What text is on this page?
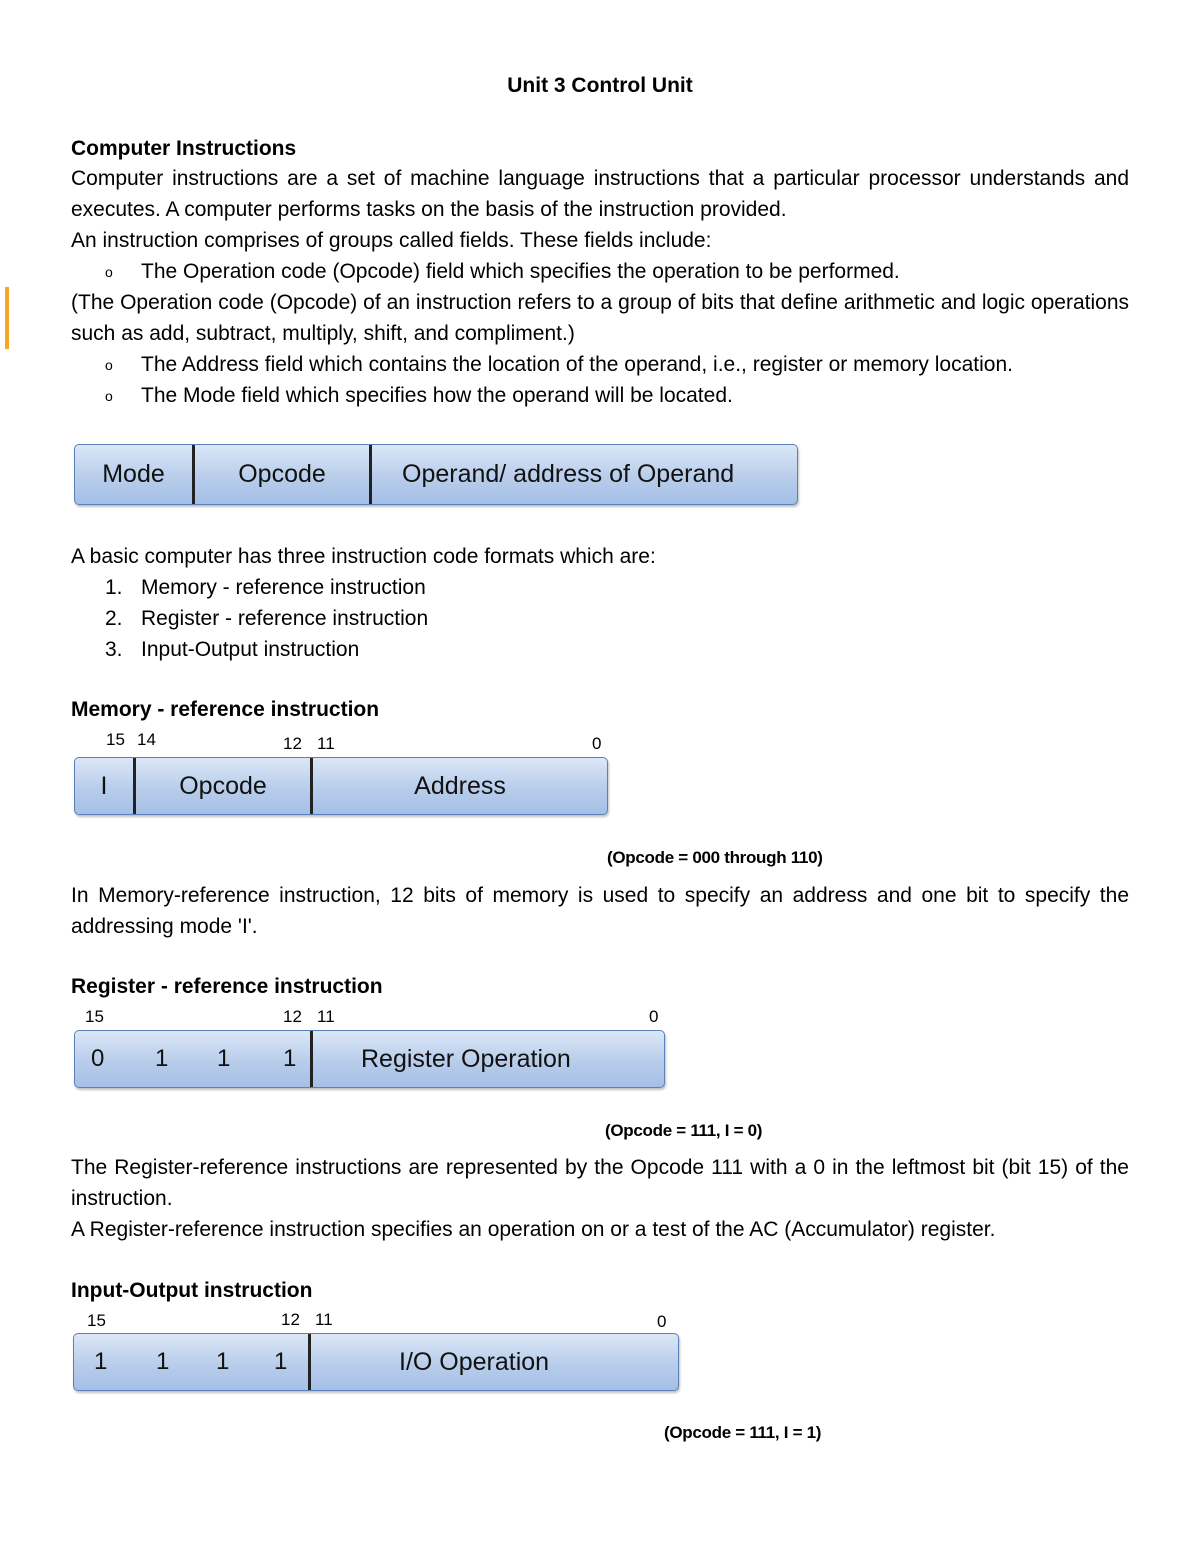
Unit 3 Control Unit
Computer Instructions
Computer instructions are a set of machine language instructions that a particular processor understands and executes. A computer performs tasks on the basis of the instruction provided.
An instruction comprises of groups called fields. These fields include:
o The Operation code (Opcode) field which specifies the operation to be performed.
(The Operation code (Opcode) of an instruction refers to a group of bits that define arithmetic and logic operations such as add, subtract, multiply, shift, and compliment.)
o The Address field which contains the location of the operand, i.e., register or memory location.
o The Mode field which specifies how the operand will be located.
Mode	Opcode	Operand/ address of Operand
A basic computer has three instruction code formats which are:
1. Memory - reference instruction
2. Register - reference instruction
3. Input-Output instruction
Memory - reference instruction
15 14	12 11	0
I	Opcode	Address
(Opcode = 000 through 110)
In Memory-reference instruction, 12 bits of memory is used to specify an address and one bit to specify the addressing mode 'I'.
Register - reference instruction
15	12 11	0
0 1 1 1	Register Operation
(Opcode = 111, I = 0)
The Register-reference instructions are represented by the Opcode 111 with a 0 in the leftmost bit (bit 15) of the instruction.
A Register-reference instruction specifies an operation on or a test of the AC (Accumulator) register.
Input-Output instruction
15	12 11	0
1 1 1 1	I/O Operation
(Opcode = 111, I = 1)
